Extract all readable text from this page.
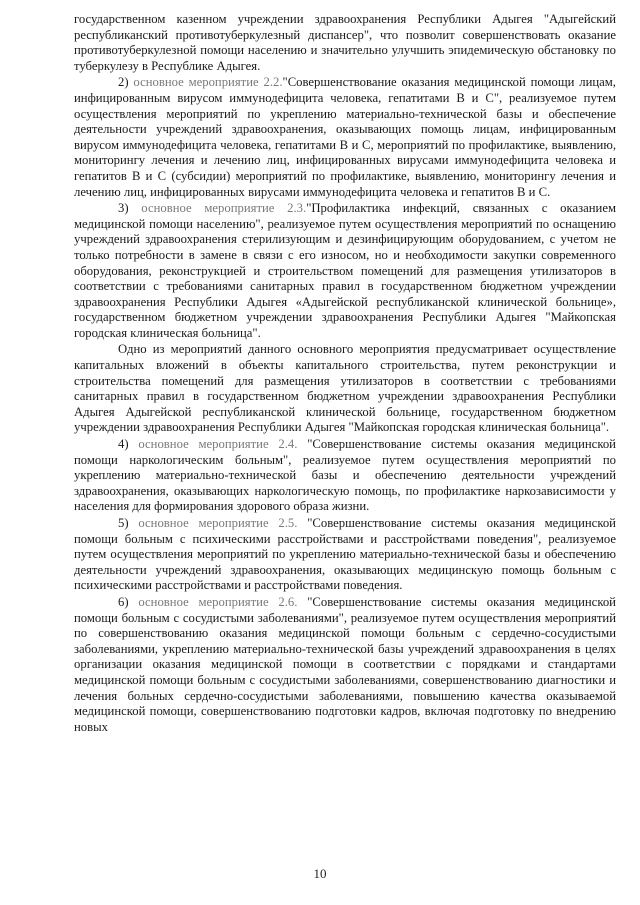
государственном казенном учреждении здравоохранения Республики Адыгея "Адыгейский республиканский противотуберкулезный диспансер", что позволит совершенствовать оказание противотуберкулезной помощи населению и значительно улучшить эпидемическую обстановку по туберкулезу в Республике Адыгея.

2) основное мероприятие 2.2."Совершенствование оказания медицинской помощи лицам, инфицированным вирусом иммунодефицита человека, гепатитами В и С", реализуемое путем осуществления мероприятий по укреплению материально-технической базы и обеспечение деятельности учреждений здравоохранения, оказывающих помощь лицам, инфицированным вирусом иммунодефицита человека, гепатитами В и С, мероприятий по профилактике, выявлению, мониторингу лечения и лечению лиц, инфицированных вирусами иммунодефицита человека и гепатитов В и С (субсидии) мероприятий по профилактике, выявлению, мониторингу лечения и лечению лиц, инфицированных вирусами иммунодефицита человека и гепатитов В и С.

3) основное мероприятие 2.3."Профилактика инфекций, связанных с оказанием медицинской помощи населению", реализуемое путем осуществления мероприятий по оснащению учреждений здравоохранения стерилизующим и дезинфицирующим оборудованием, с учетом не только потребности в замене в связи с его износом, но и необходимости закупки современного оборудования, реконструкцией и строительством помещений для размещения утилизаторов в соответствии с требованиями санитарных правил в государственном бюджетном учреждении здравоохранения Республики Адыгея «Адыгейской республиканской клинической больнице», государственном бюджетном учреждении здравоохранения Республики Адыгея "Майкопская городская клиническая больница".

Одно из мероприятий данного основного мероприятия предусматривает осуществление капитальных вложений в объекты капитального строительства, путем реконструкции и строительства помещений для размещения утилизаторов в соответствии с требованиями санитарных правил в государственном бюджетном учреждении здравоохранения Республики Адыгея Адыгейской республиканской клинической больнице, государственном бюджетном учреждении здравоохранения Республики Адыгея "Майкопская городская клиническая больница".

4) основное мероприятие 2.4. "Совершенствование системы оказания медицинской помощи наркологическим больным", реализуемое путем осуществления мероприятий по укреплению материально-технической базы и обеспечению деятельности учреждений здравоохранения, оказывающих наркологическую помощь, по профилактике наркозависимости у населения для формирования здорового образа жизни.

5) основное мероприятие 2.5. "Совершенствование системы оказания медицинской помощи больным с психическими расстройствами и расстройствами поведения", реализуемое путем осуществления мероприятий по укреплению материально-технической базы и обеспечению деятельности учреждений здравоохранения, оказывающих медицинскую помощь больным с психическими расстройствами и расстройствами поведения.

6) основное мероприятие 2.6. "Совершенствование системы оказания медицинской помощи больным с сосудистыми заболеваниями", реализуемое путем осуществления мероприятий по совершенствованию оказания медицинской помощи больным с сердечно-сосудистыми заболеваниями, укреплению материально-технической базы учреждений здравоохранения в целях организации оказания медицинской помощи в соответствии с порядками и стандартами медицинской помощи больным с сосудистыми заболеваниями, совершенствованию диагностики и лечения больных сердечно-сосудистыми заболеваниями, повышению качества оказываемой медицинской помощи, совершенствованию подготовки кадров, включая подготовку по внедрению новых

10
